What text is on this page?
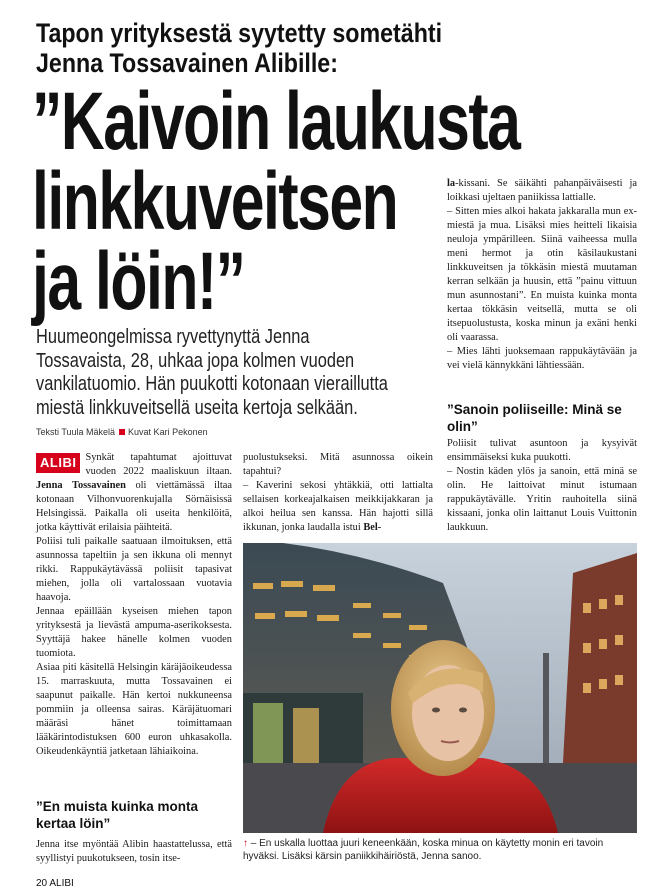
Tapon yrityksestä syytetty sometähti
Jenna Tossavainen Alibille:
”Kaivoin laukusta
linkkuveitsen
ja löin!”
Huumeongelmissa ryvettynyttä Jenna
Tossavaista, 28, uhkaa jopa kolmen vuoden
vankilatuomio. Hän puukotti kotonaan vieraillutta
miestä linkkuveitsellä useita kertoja selkään.
Teksti Tuula Mäkelä Kuvat Kari Pekonen

ALIBI Synkät tapahtumat ajoittuvat vuoden 2022 maaliskuun iltaan. Jenna Tossavainen oli viettämässä iltaa kotonaan Vilhonvuorenkujalla Sörnäisissä Helsingissä. Paikalla oli useita henkilöitä, jotka käyttivät erilaisia päihteitä.

Poliisi tuli paikalle saatuaan ilmoituksen, että asunnossa tapeltiin ja sen ikkuna oli mennyt rikki. Rappukäytävässä poliisit tapasivat miehen, jolla oli vartalossaan vuotavia haavoja.

Jennaa epäillään kyseisen miehen tapon yrityksestä ja lievästä ampuma-aserikoksesta. Syyttäjä hakee hänelle kolmen vuoden tuomiota.

Asiaa piti käsitellä Helsingin käräjäoikeudessa 15. marraskuuta, mutta Tossavainen ei saapunut paikalle. Hän kertoi nukkuneensa pommiin ja olleensa sairas. Käräjätuomari määräsi hänet toimittamaan lääkärintodistuksen 600 euron uhkasakolla. Oikeudenkäyntiä jatketaan lähiaikoina.

”En muista kuinka monta kertaa löin”
Jenna itse myöntää Alibin haastattelussa, että syyllistyi puukotukseen, tosin itse-

puolustukseksi. Mitä asunnossa oikein tapahtui?

– Kaverini sekosi yhtäkkiä, otti lattialta sellaisen korkeajalkaisen meikkijakkaran ja alkoi heilua sen kanssa. Hän hajotti sillä ikkunan, jonka laudalla istui Bel-

la-kissani. Se säikähti pahanpäiväisesti ja loikkasi ujeltaen paniikissa lattialle.

– Sitten mies alkoi hakata jakkaralla mun ex-miestä ja mua. Lisäksi mies heitteli likaisia neuloja ympärilleen. Siinä vaiheessa mulla meni hermot ja otin käsilaukustani linkkuveitsen ja tökkäsin miestä muutaman kerran selkään ja huusin, että ”painu vittuun mun asunnostani”. En muista kuinka monta kertaa tökkäsin veitsellä, mutta se oli itsepuolustusta, koska minun ja exäni henki oli vaarassa.

– Mies lähti juoksemaan rappukäytävään ja vei vielä kännykkäni lähtiessään.

”Sanoin poliiseille: Minä se olin”

Poliisit tulivat asuntoon ja kysyivät ensimmäiseksi kuka puukotti.

– Nostin käden ylös ja sanoin, että minä se olin. He laittoivat minut istumaan rappukäytävälle. Yritin rauhoitella siinä kissaani, jonka olin laittanut Louis Vuittonin laukkuun.

↑ – En uskalla luottaa juuri keneenkään, koska minua on käytetty monin eri tavoin hyväksi. Lisäksi kärsin paniikkihäiriöstä, Jenna sanoo.
20 ALIBI
